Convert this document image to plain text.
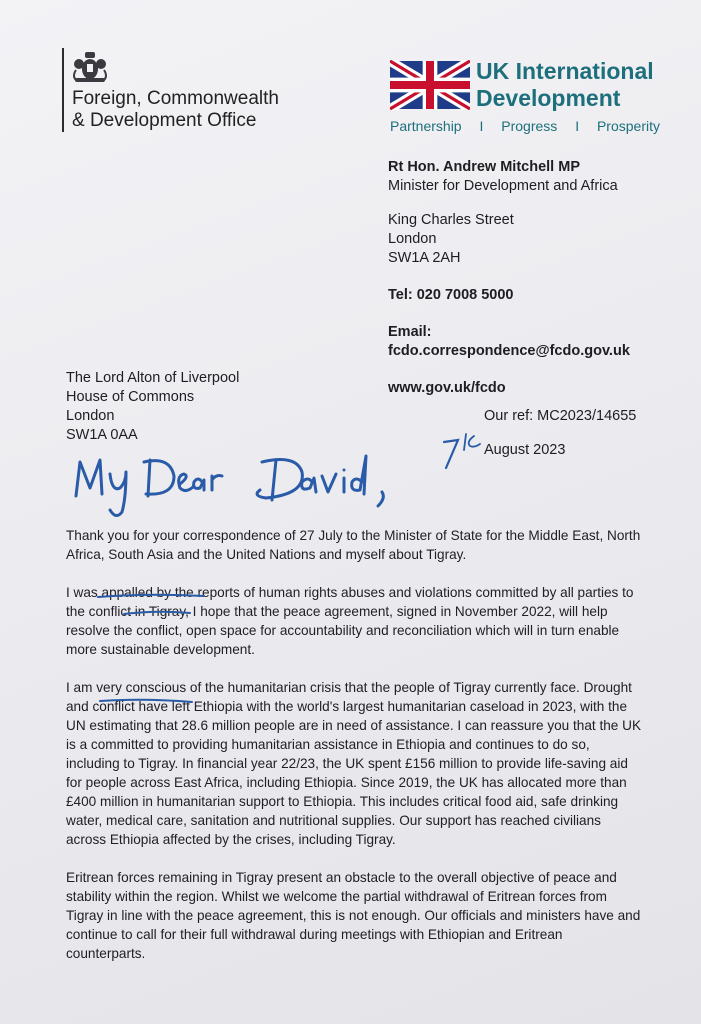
Foreign, Commonwealth
& Development Office
UK International
Development
Partnership I Progress I Prosperity
Rt Hon. Andrew Mitchell MP
Minister for Development and Africa
King Charles Street
London
SW1A 2AH
Tel: 020 7008 5000
Email:
fcdo.correspondence@fcdo.gov.uk
www.gov.uk/fcdo
The Lord Alton of Liverpool
House of Commons
London
SW1A 0AA
Our ref: MC2023/14655
August 2023

Thank you for your correspondence of 27 July to the Minister of State for the Middle East, North Africa, South Asia and the United Nations and myself about Tigray.

I was appalled by the reports of human rights abuses and violations committed by all parties to the conflict in Tigray, I hope that the peace agreement, signed in November 2022, will help resolve the conflict, open space for accountability and reconciliation which will in turn enable more sustainable development.

I am very conscious of the humanitarian crisis that the people of Tigray currently face. Drought and conflict have left Ethiopia with the world's largest humanitarian caseload in 2023, with the UN estimating that 28.6 million people are in need of assistance. I can reassure you that the UK is a committed to providing humanitarian assistance in Ethiopia and continues to do so, including to Tigray. In financial year 22/23, the UK spent £156 million to provide life-saving aid for people across East Africa, including Ethiopia. Since 2019, the UK has allocated more than £400 million in humanitarian support to Ethiopia. This includes critical food aid, safe drinking water, medical care, sanitation and nutritional supplies. Our support has reached civilians across Ethiopia affected by the crises, including Tigray.

Eritrean forces remaining in Tigray present an obstacle to the overall objective of peace and stability within the region. Whilst we welcome the partial withdrawal of Eritrean forces from Tigray in line with the peace agreement, this is not enough. Our officials and ministers have and continue to call for their full withdrawal during meetings with Ethiopian and Eritrean counterparts.
